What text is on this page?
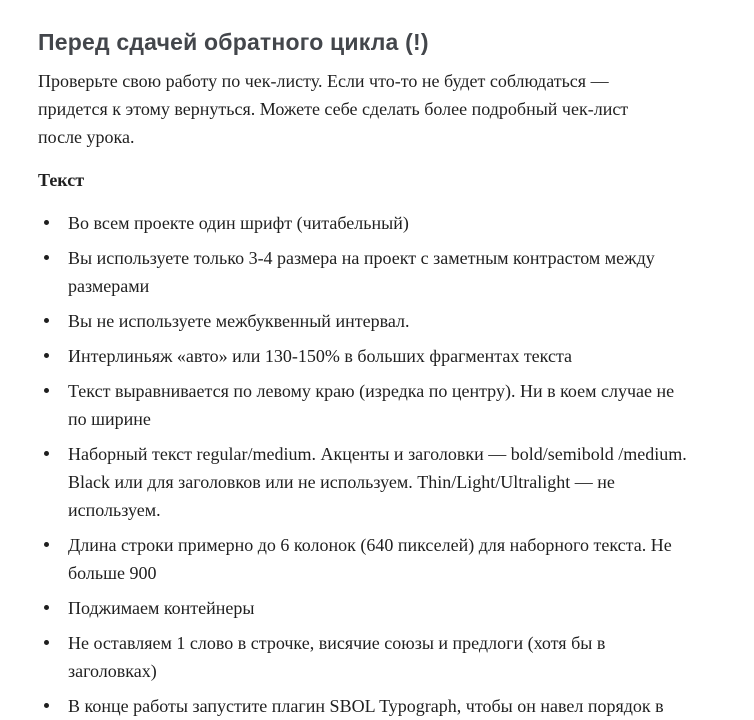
Перед сдачей обратного цикла (!)

Проверьте свою работу по чек-листу. Если что-то не будет соблюдаться — придется к этому вернуться. Можете себе сделать более подробный чек-лист после урока.

Текст
Во всем проекте один шрифт (читабельный)
Вы используете только 3-4 размера на проект с заметным контрастом между размерами
Вы не используете межбуквенный интервал.
Интерлиньяж «авто» или 130-150% в больших фрагментах текста
Текст выравнивается по левому краю (изредка по центру). Ни в коем случае не по ширине
Наборный текст regular/medium. Акценты и заголовки — bold/semibold /medium. Black или для заголовков или не используем. Thin/Light/Ultralight — не используем.
Длина строки примерно до 6 колонок (640 пикселей) для наборного текста. Не больше 900
Поджимаем контейнеры
Не оставляем 1 слово в строчке, висячие союзы и предлоги (хотя бы в заголовках)
В конце работы запустите плагин SBOL Typograph, чтобы он навел порядок в
